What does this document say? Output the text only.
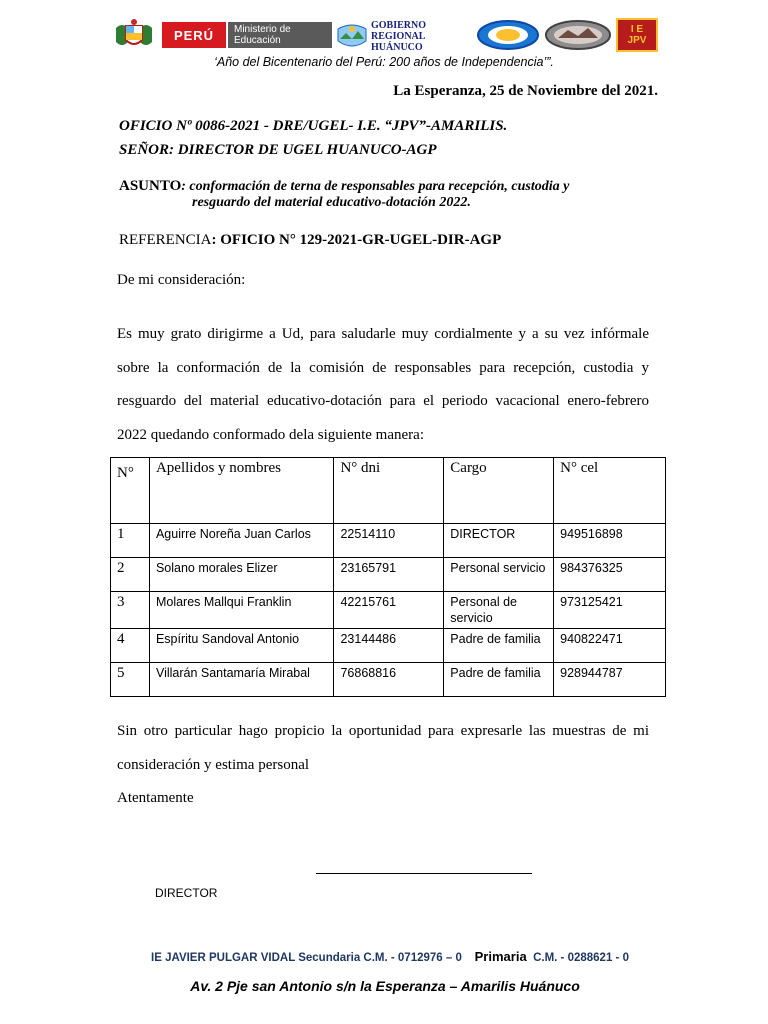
PERÚ Ministerio de Educación
GOBIERNO REGIONAL HUÁNUCO
I E JPV
‘Año del Bicentenario del Perú: 200 años de Independencia’”.
La Esperanza, 25 de Noviembre del 2021.
OFICIO Nº 0086-2021 - DRE/UGEL- I.E. “JPV”-AMARILIS.
SEÑOR: DIRECTOR DE UGEL HUANUCO-AGP
ASUNTO: conformación de terna de responsables para recepción, custodia y
resguardo del material educativo-dotación 2022.
REFERENCIA: OFICIO N° 129-2021-GR-UGEL-DIR-AGP
De mi consideración:
Es muy grato dirigirme a Ud, para saludarle muy cordialmente y a su vez infórmale sobre la conformación de la comisión de responsables para recepción, custodia y resguardo del material educativo-dotación para el periodo vacacional enero-febrero 2022 quedando conformado dela siguiente manera:
N°	Apellidos y nombres	N° dni	Cargo	N° cel
1	Aguirre Noreña Juan Carlos	22514110	DIRECTOR	949516898
2	Solano morales Elizer	23165791	Personal servicio	984376325
3	Molares Mallqui Franklin	42215761	Personal de servicio	973125421
4	Espíritu Sandoval Antonio	23144486	Padre de familia	940822471
5	Villarán Santamaría Mirabal	76868816	Padre de familia	928944787
Sin otro particular hago propicio la oportunidad para expresarle las muestras de mi consideración y estima personal
Atentamente
DIRECTOR
IE JAVIER PULGAR VIDAL Secundaria C.M. - 0712976 – 0 Primaria C.M. - 0288621 - 0
Av. 2 Pje san Antonio s/n la Esperanza – Amarilis Huánuco
